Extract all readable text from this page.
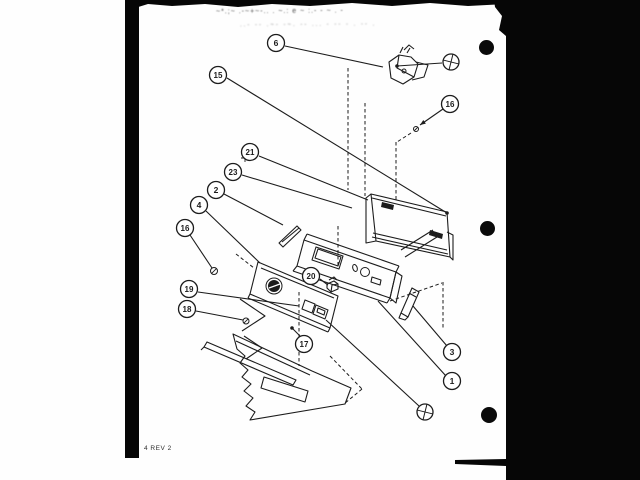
~*.;~ .-~+~-.. . ~.: e ~ :.- - ~ . -
..- -- .~- -~. -- ... - -- - . -- .
6
15
16
21
23
2
4
16
19
18
20
17
3
1
4 REV 2
